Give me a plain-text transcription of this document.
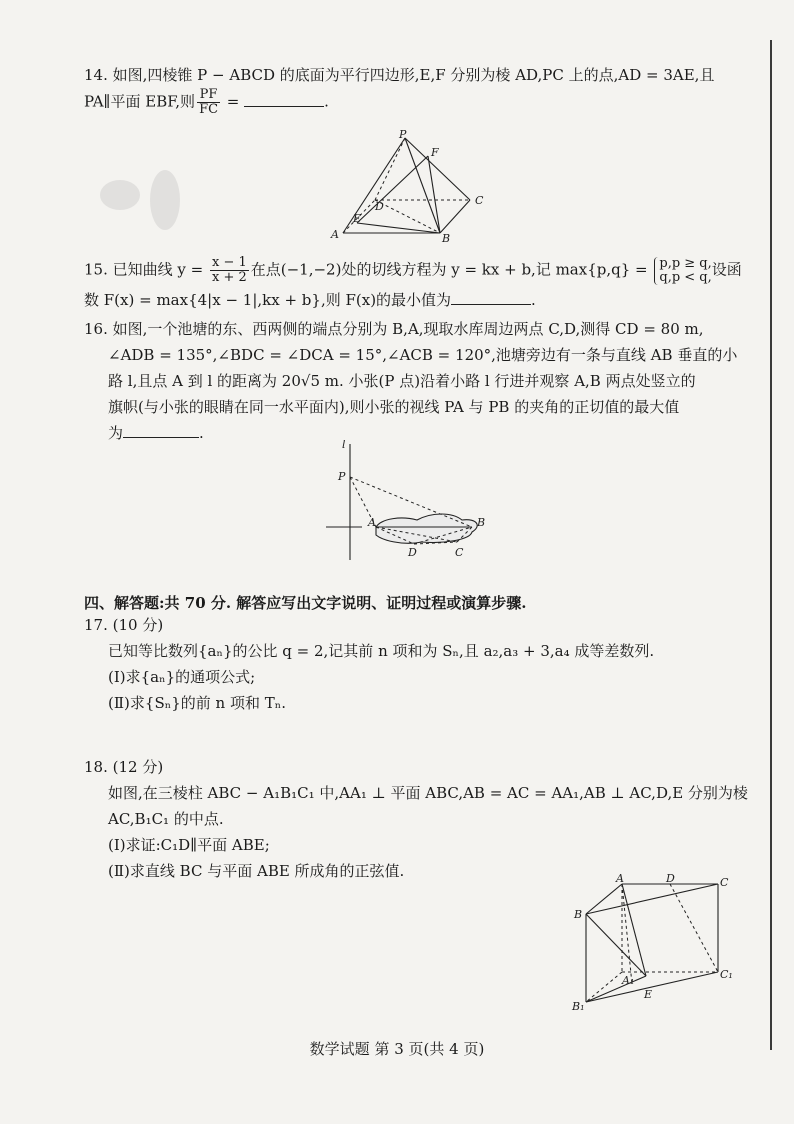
14. 如图,四棱锥 P − ABCD 的底面为平行四边形,E,F 分别为棱 AD,PC 上的点,AD = 3AE,且
PA∥平面 EBF,则 $\frac{PF}{FC}$ =	.
P
F
D	C
A
E
B
15. 已知曲线 $y = \frac{x - 1}{x + 2}$ 在点(−1,−2)处的切线方程为 y = kx + b,记 max{p,q} = p,p ≥ q,
q,p < q, 设函
数 F(x) = max{4|x − 1|,kx + b},则 F(x)的最小值为	.
16. 如图,一个池塘的东、西两侧的端点分别为 B,A,现取水库周边两点 C,D,测得 CD = 80 m,
∠ADB = 135°,∠BDC = ∠DCA = 15°,∠ACB = 120°,池塘旁边有一条与直线 AB 垂直的小
路 l,且点 A 到 l 的距离为 20√5 m. 小张(P 点)沿着小路 l 行进并观察 A,B 两点处竖立的
旗帜(与小张的眼睛在同一水平面内),则小张的视线 PA 与 PB 的夹角的正切值的最大值
为	.
l
P
A	B
D	C
四、解答题:共 70 分. 解答应写出文字说明、证明过程或演算步骤.
17. (10 分)
已知等比数列{aₙ}的公比 q = 2,记其前 n 项和为 Sₙ,且 a₂,a₃ + 3,a₄ 成等差数列.
(Ⅰ)求{aₙ}的通项公式;
(Ⅱ)求{Sₙ}的前 n 项和 Tₙ.
18. (12 分)
如图,在三棱柱 ABC − A₁B₁C₁ 中,AA₁ ⊥ 平面 ABC,AB = AC = AA₁,AB ⊥ AC,D,E 分别为棱
AC,B₁C₁ 的中点.
(Ⅰ)求证:C₁D∥平面 ABE;
(Ⅱ)求直线 BC 与平面 ABE 所成角的正弦值.	A	D	C
B
A₁
E
C₁
B₁
数学试题 第 3 页(共 4 页)
